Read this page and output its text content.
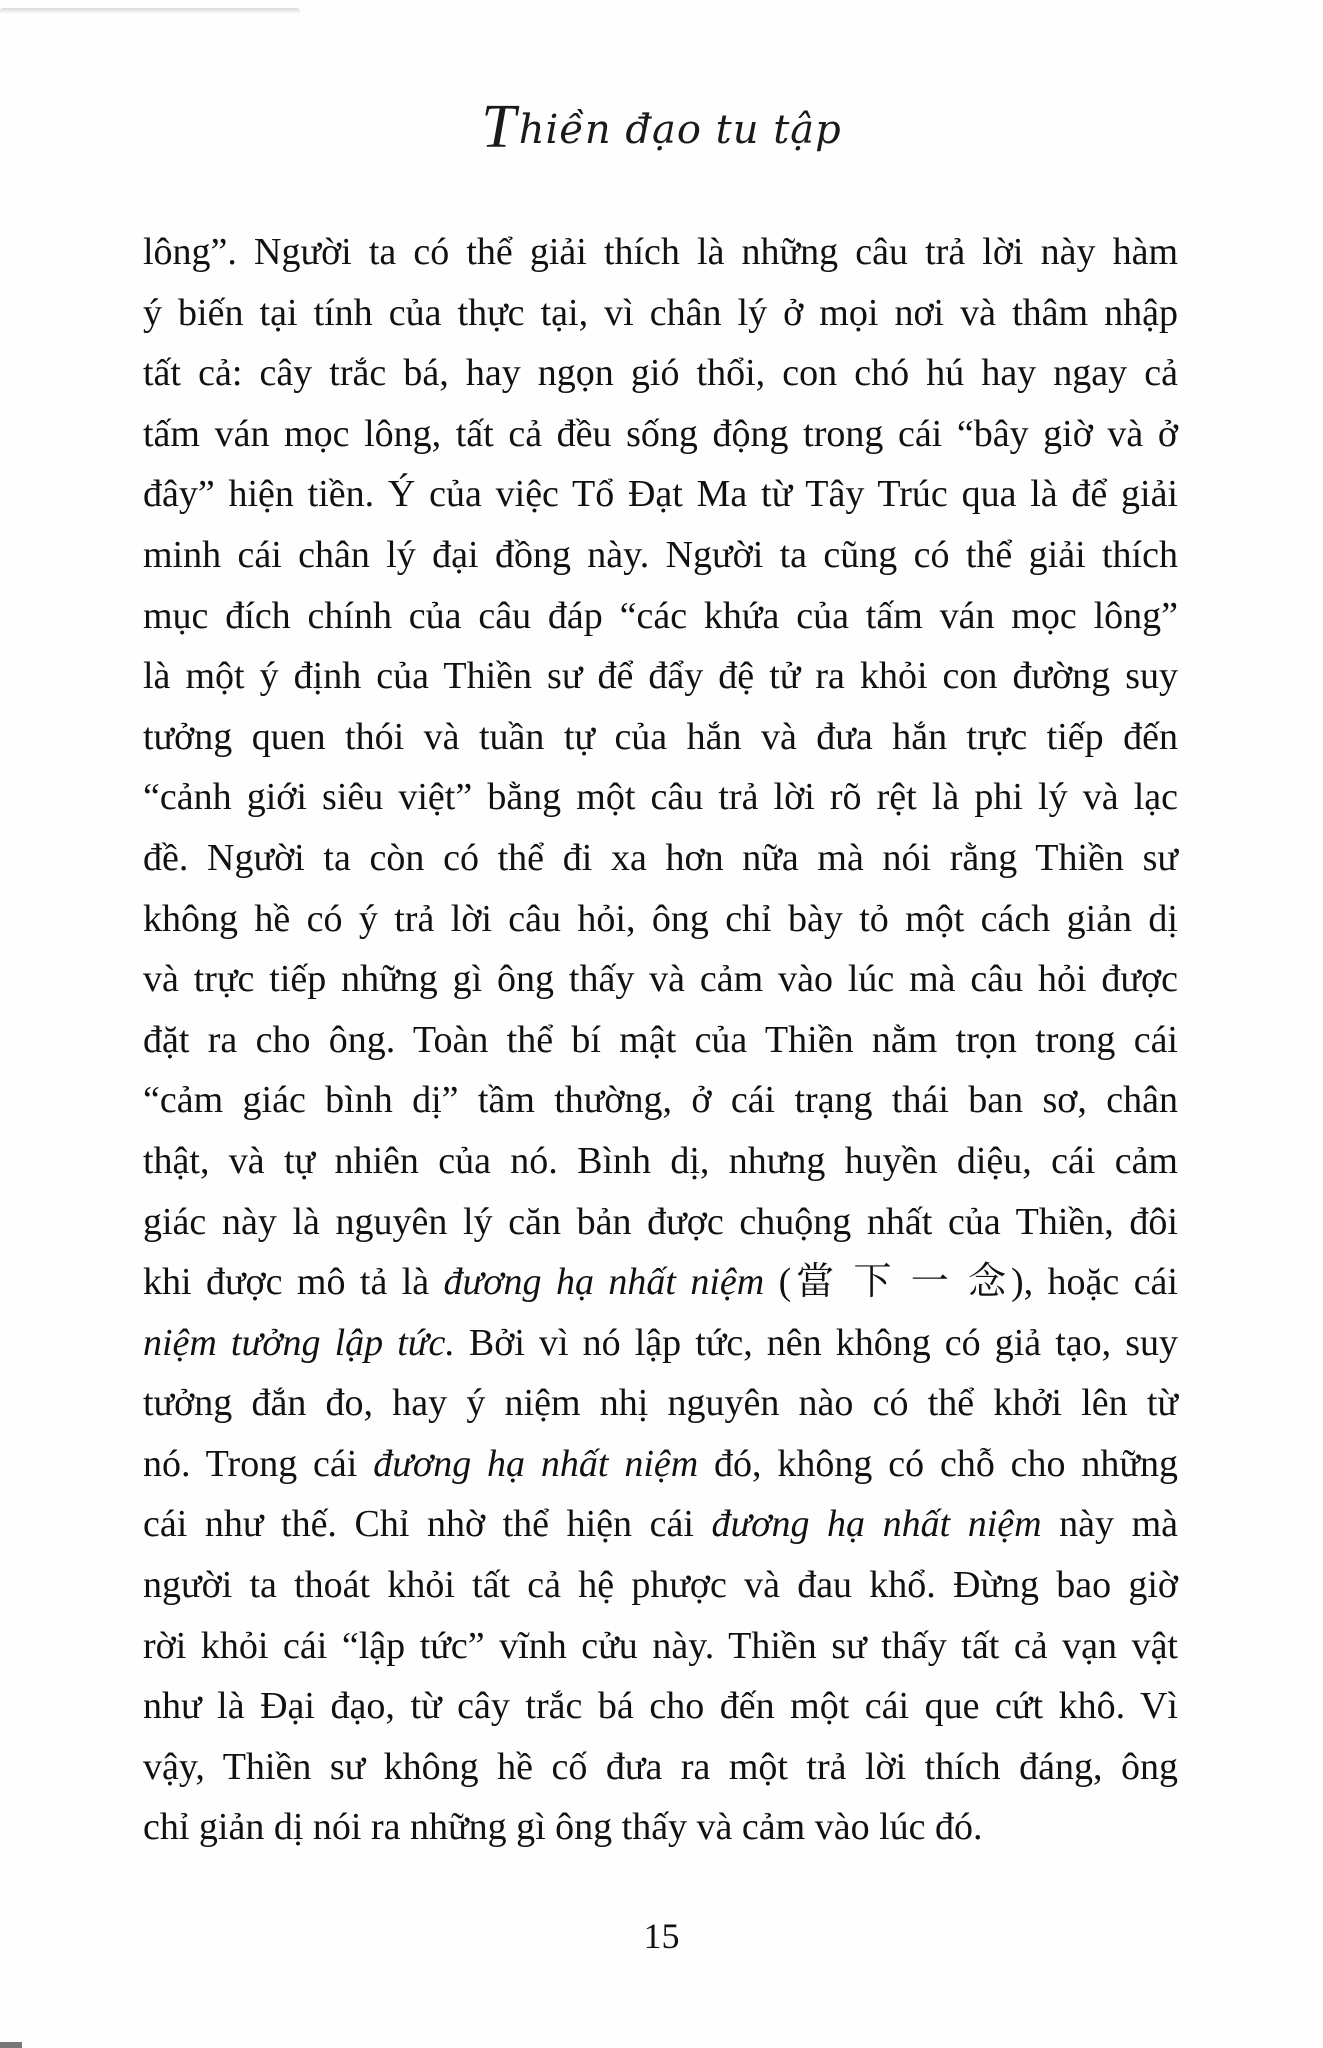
Thiền đạo tu tập
lông”. Người ta có thể giải thích là những câu trả lời này hàm
ý biến tại tính của thực tại, vì chân lý ở mọi nơi và thâm nhập
tất cả: cây trắc bá, hay ngọn gió thổi, con chó hú hay ngay cả
tấm ván mọc lông, tất cả đều sống động trong cái “bây giờ và ở
đây” hiện tiền. Ý của việc Tổ Đạt Ma từ Tây Trúc qua là để giải
minh cái chân lý đại đồng này. Người ta cũng có thể giải thích
mục đích chính của câu đáp “các khứa của tấm ván mọc lông”
là một ý định của Thiền sư để đẩy đệ tử ra khỏi con đường suy
tưởng quen thói và tuần tự của hắn và đưa hắn trực tiếp đến
“cảnh giới siêu việt” bằng một câu trả lời rõ rệt là phi lý và lạc
đề. Người ta còn có thể đi xa hơn nữa mà nói rằng Thiền sư
không hề có ý trả lời câu hỏi, ông chỉ bày tỏ một cách giản dị
và trực tiếp những gì ông thấy và cảm vào lúc mà câu hỏi được
đặt ra cho ông. Toàn thể bí mật của Thiền nằm trọn trong cái
“cảm giác bình dị” tầm thường, ở cái trạng thái ban sơ, chân
thật, và tự nhiên của nó. Bình dị, nhưng huyền diệu, cái cảm
giác này là nguyên lý căn bản được chuộng nhất của Thiền, đôi
khi được mô tả là đương hạ nhất niệm (當 下 一 念), hoặc cái
niệm tưởng lập tức. Bởi vì nó lập tức, nên không có giả tạo, suy
tưởng đắn đo, hay ý niệm nhị nguyên nào có thể khởi lên từ
nó. Trong cái đương hạ nhất niệm đó, không có chỗ cho những
cái như thế. Chỉ nhờ thể hiện cái đương hạ nhất niệm này mà
người ta thoát khỏi tất cả hệ phược và đau khổ. Đừng bao giờ
rời khỏi cái “lập tức” vĩnh cửu này. Thiền sư thấy tất cả vạn vật
như là Đại đạo, từ cây trắc bá cho đến một cái que cứt khô. Vì
vậy, Thiền sư không hề cố đưa ra một trả lời thích đáng, ông
chỉ giản dị nói ra những gì ông thấy và cảm vào lúc đó.
15
